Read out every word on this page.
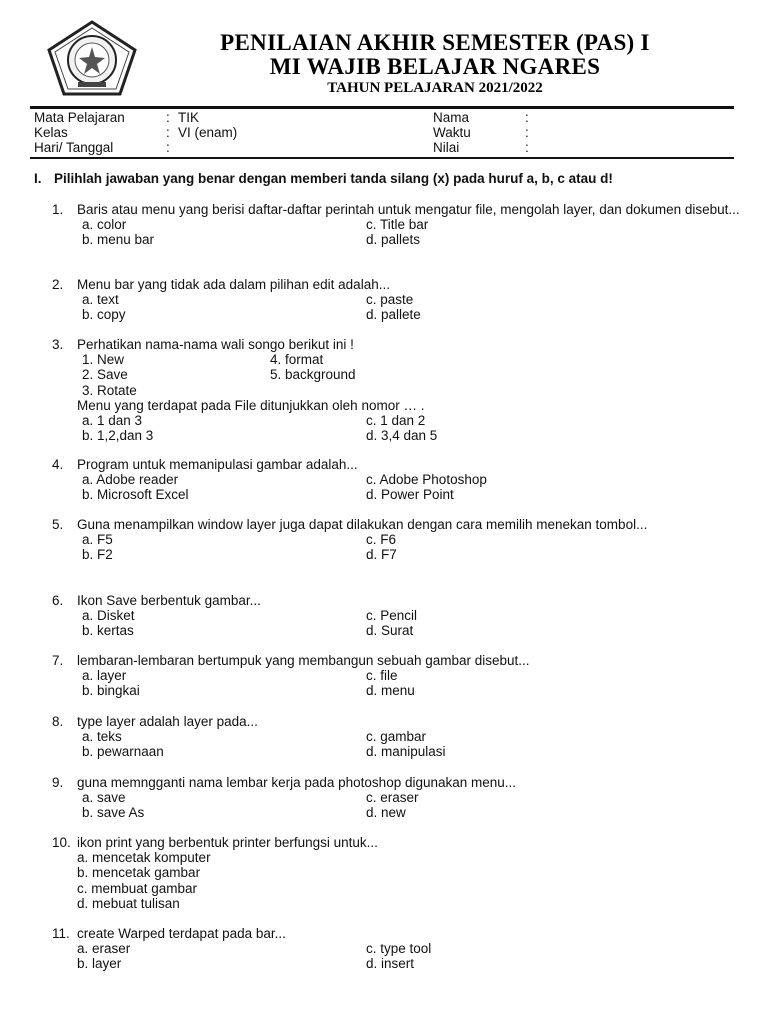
PENILAIAN AKHIR SEMESTER (PAS) I
MI WAJIB BELAJAR NGARES
TAHUN PELAJARAN 2021/2022
Mata Pelajaran	: TIK
Kelas	: VI (enam)
Hari/ Tanggal	:
Nama	:
Waktu	:
Nilai	:
I. Pilihlah jawaban yang benar dengan memberi tanda silang (x) pada huruf a, b, c atau d!
1.	Baris atau menu yang berisi daftar-daftar perintah untuk mengatur file, mengolah layer, dan dokumen disebut...
a. color	c. Title bar
b. menu bar	d. pallets
2.	Menu bar yang tidak ada dalam pilihan edit adalah...
a. text	c. paste
b. copy	d. pallete
3.	Perhatikan nama-nama wali songo berikut ini !
1. New	4. format
2. Save	5. background
3. Rotate
Menu yang terdapat pada File ditunjukkan oleh nomor … .
a. 1 dan 3	c. 1 dan 2
b. 1,2,dan 3	d. 3,4 dan 5
4.	Program untuk memanipulasi gambar adalah...
a. Adobe reader	c. Adobe Photoshop
b. Microsoft Excel	d. Power Point
5.	Guna menampilkan window layer juga dapat dilakukan dengan cara memilih menekan tombol...
a. F5	c. F6
b. F2	d. F7
6.	Ikon Save berbentuk gambar...
a. Disket	c. Pencil
b. kertas	d. Surat
7.	lembaran-lembaran bertumpuk yang membangun sebuah gambar disebut...
a. layer	c. file
b. bingkai	d. menu
8.	type layer adalah layer pada...
a. teks	c. gambar
b. pewarnaan	d. manipulasi
9.	guna memngganti nama lembar kerja pada photoshop digunakan menu...
a. save	c. eraser
b. save As	d. new
10. ikon print yang berbentuk printer berfungsi untuk...
a. mencetak komputer
b. mencetak gambar
c. membuat gambar
d. mebuat tulisan
11. create Warped terdapat pada bar...
a. eraser	c. type tool
b. layer	d. insert
